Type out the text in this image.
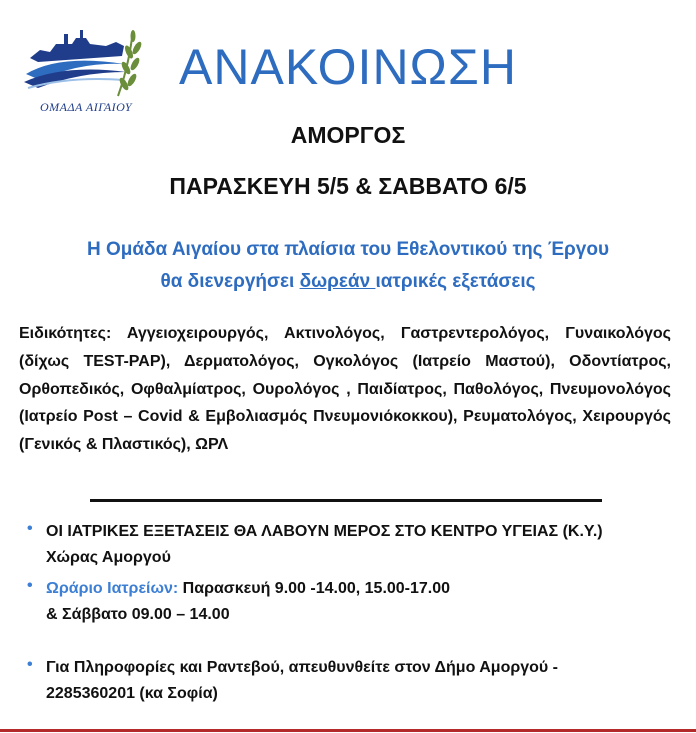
ΟΜΑΔΑ ΑΙΓΑΙΟΥ
ΑΝΑΚΟΙΝΩΣΗ
ΑΜΟΡΓΟΣ
ΠΑΡΑΣΚΕΥΗ 5/5 & ΣΑΒΒΑΤΟ 6/5
Η Ομάδα Αιγαίου στα πλαίσια του Εθελοντικού της Έργου
θα διενεργήσει δωρεάν ιατρικές εξετάσεις
Ειδικότητες: Αγγειοχειρουργός, Ακτινολόγος, Γαστρεντερολόγος, Γυναικολόγος (δίχως TEST-PAP), Δερματολόγος, Ογκολόγος (Ιατρείο Μαστού), Οδοντίατρος, Ορθοπεδικός, Οφθαλμίατρος, Ουρολόγος , Παιδίατρος, Παθολόγος, Πνευμονολόγος (Ιατρείο Post – Covid & Εμβολιασμός Πνευμονιόκοκκου), Ρευματολόγος, Χειρουργός (Γενικός & Πλαστικός), ΩΡΛ
• ΟΙ ΙΑΤΡΙΚΕΣ ΕΞΕΤΑΣΕΙΣ ΘΑ ΛΑΒΟΥΝ ΜΕΡΟΣ ΣΤΟ ΚΕΝΤΡΟ ΥΓΕΙΑΣ (Κ.Υ.)
Χώρας Αμοργού
• Ωράριο Ιατρείων: Παρασκευή 9.00 -14.00, 15.00-17.00
& Σάββατο 09.00 – 14.00
• Για Πληροφορίες και Ραντεβού, απευθυνθείτε στον Δήμο Αμοργού -
2285360201 (κα Σοφία)
